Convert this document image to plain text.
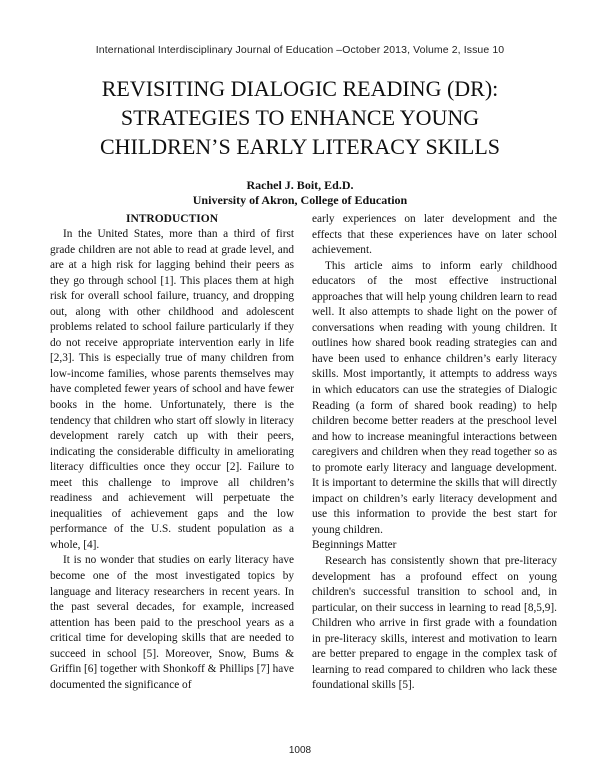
International Interdisciplinary Journal of Education –October 2013, Volume 2, Issue 10
REVISITING DIALOGIC READING (DR):
STRATEGIES TO ENHANCE YOUNG
CHILDREN’S EARLY LITERACY SKILLS
Rachel J. Boit, Ed.D.
University of Akron, College of Education
INTRODUCTION

In the United States, more than a third of first grade children are not able to read at grade level, and are at a high risk for lagging behind their peers as they go through school [1]. This places them at high risk for overall school failure, truancy, and dropping out, along with other childhood and adolescent problems related to school failure particularly if they do not receive appropriate intervention early in life [2,3]. This is especially true of many children from low-income families, whose parents themselves may have completed fewer years of school and have fewer books in the home. Unfortunately, there is the tendency that children who start off slowly in literacy development rarely catch up with their peers, indicating the considerable difficulty in ameliorating literacy difficulties once they occur [2]. Failure to meet this challenge to improve all children’s readiness and achievement will perpetuate the inequalities of achievement gaps and the low performance of the U.S. student population as a whole, [4].

It is no wonder that studies on early literacy have become one of the most investigated topics by language and literacy researchers in recent years. In the past several decades, for example, increased attention has been paid to the preschool years as a critical time for developing skills that are needed to succeed in school [5]. Moreover, Snow, Bums & Griffin [6] together with Shonkoff & Phillips [7] have documented the significance of

early experiences on later development and the effects that these experiences have on later school achievement.

This article aims to inform early childhood educators of the most effective instructional approaches that will help young children learn to read well. It also attempts to shade light on the power of conversations when reading with young children. It outlines how shared book reading strategies can and have been used to enhance children’s early literacy skills. Most importantly, it attempts to address ways in which educators can use the strategies of Dialogic Reading (a form of shared book reading) to help children become better readers at the preschool level and how to increase meaningful interactions between caregivers and children when they read together so as to promote early literacy and language development. It is important to determine the skills that will directly impact on children’s early literacy development and use this information to provide the best start for young children.

Beginnings Matter

Research has consistently shown that pre-literacy development has a profound effect on young children's successful transition to school and, in particular, on their success in learning to read [8,5,9]. Children who arrive in first grade with a foundation in pre-literacy skills, interest and motivation to learn are better prepared to engage in the complex task of learning to read compared to children who lack these foundational skills [5].

1008
